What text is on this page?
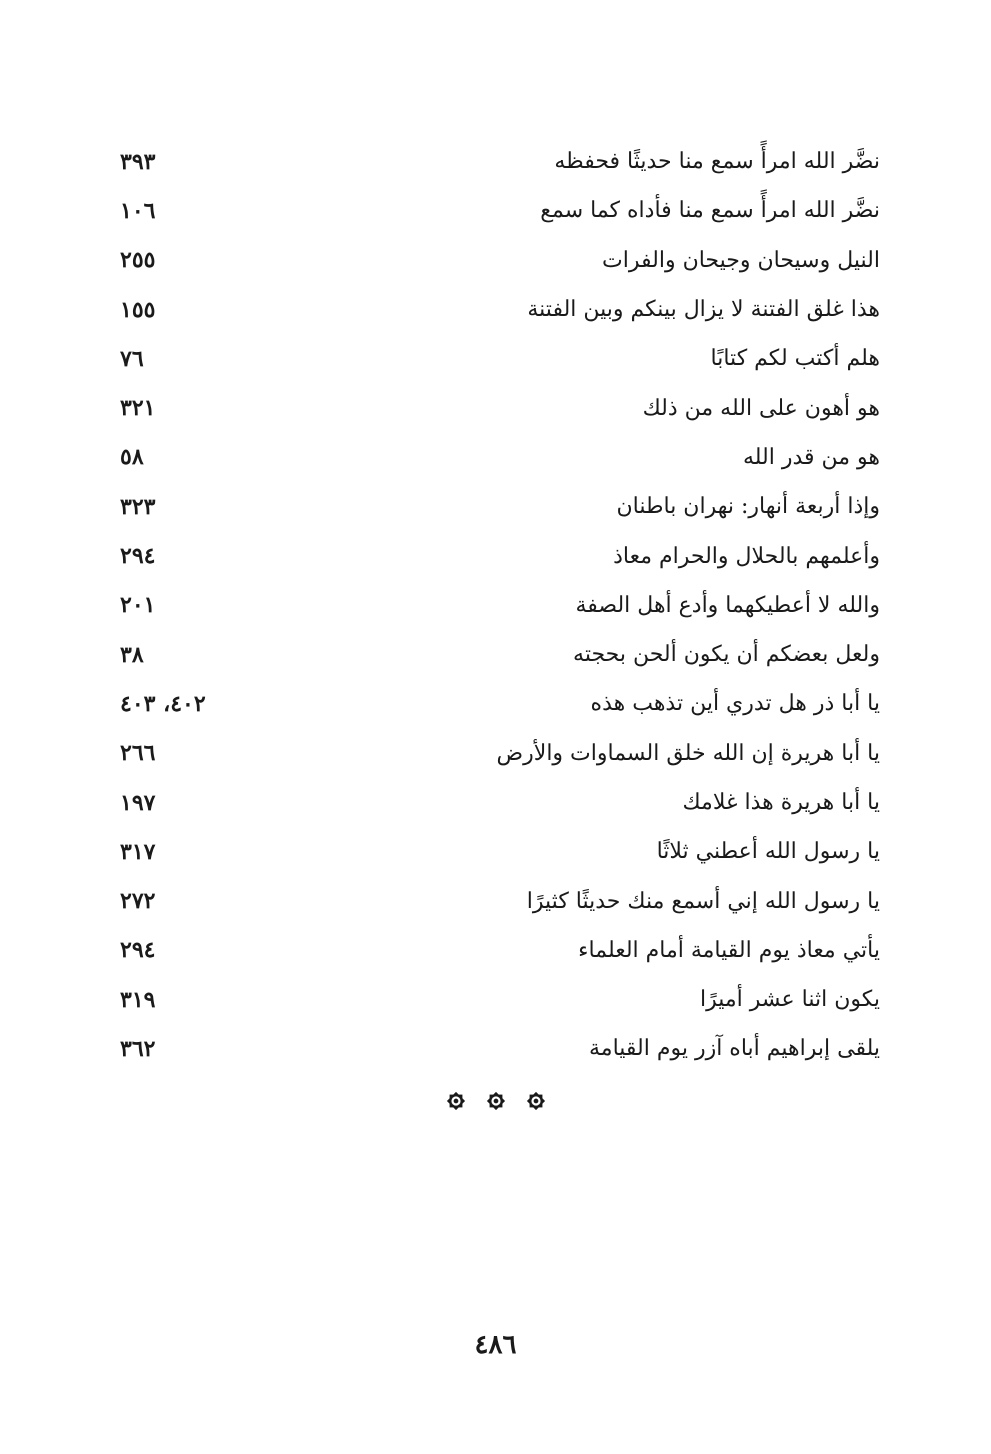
نضَّر الله امرأً سمع منا حديثًا فحفظه
٣٩٣
نضَّر الله امرأً سمع منا فأداه كما سمع
١٠٦
النيل وسيحان وجيحان والفرات
٢٥٥
هذا غلق الفتنة لا يزال بينكم وبين الفتنة
١٥٥
هلم أكتب لكم كتابًا
٧٦
هو أهون على الله من ذلك
٣٢١
هو من قدر الله
٥٨
وإذا أربعة أنهار: نهران باطنان
٣٢٣
وأعلمهم بالحلال والحرام معاذ
٢٩٤
والله لا أعطيكهما وأدع أهل الصفة
٢٠١
ولعل بعضكم أن يكون ألحن بحجته
٣٨
يا أبا ذر هل تدري أين تذهب هذه
٤٠٢، ٤٠٣
يا أبا هريرة إن الله خلق السماوات والأرض
٢٦٦
يا أبا هريرة هذا غلامك
١٩٧
يا رسول الله أعطني ثلاثًا
٣١٧
يا رسول الله إني أسمع منك حديثًا كثيرًا
٢٧٢
يأتي معاذ يوم القيامة أمام العلماء
٢٩٤
يكون اثنا عشر أميرًا
٣١٩
يلقى إبراهيم أباه آزر يوم القيامة
٣٦٢
٤٨٦
